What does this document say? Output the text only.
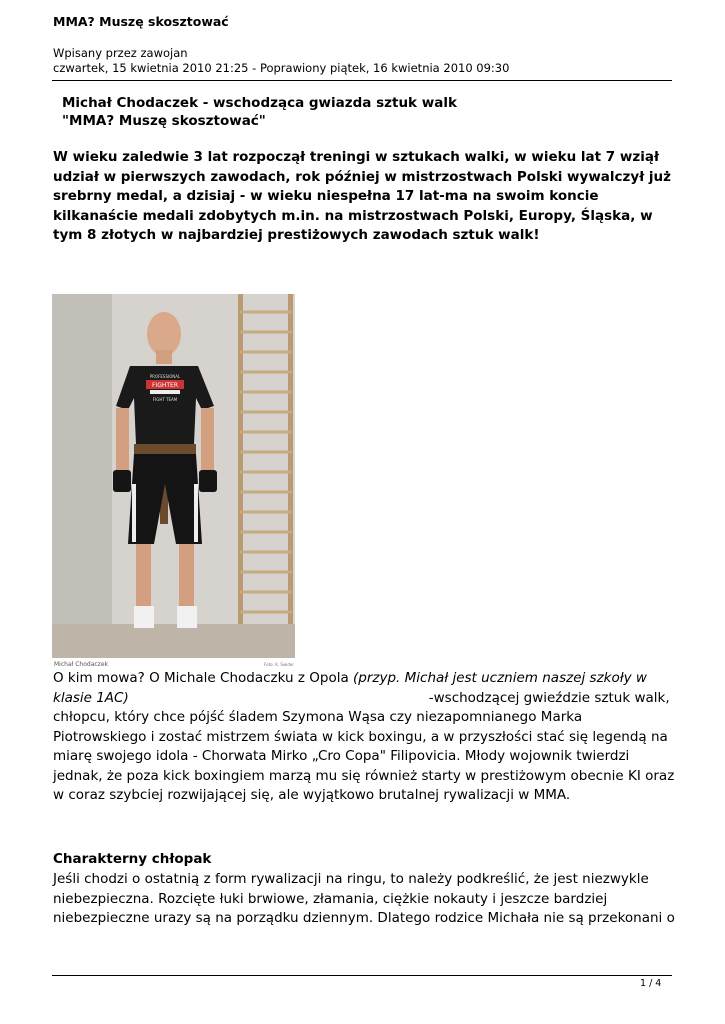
MMA? Muszę skosztować
Wpisany przez zawojan
czwartek, 15 kwietnia 2010 21:25 - Poprawiony piątek, 16 kwietnia 2010 09:30
Michał Chodaczek - wschodząca gwiazda sztuk walk
"MMA? Muszę skosztować"
W wieku zaledwie 3 lat rozpoczął treningi w sztukach walki, w wieku lat 7 wziął udział w pierwszych zawodach, rok później w mistrzostwach Polski wywalczył już srebrny medal, a dzisiaj - w wieku niespełna 17 lat-ma na swoim koncie kilkanaście medali zdobytych m.in. na mistrzostwach Polski, Europy, Śląska, w tym 8 złotych w najbardziej prestiżowych zawodach sztuk walk!
Michał Chodaczek	Foto: K. Świder
PROFESSIONAL
FIGHTER
FIGHT TEAM
O kim mowa? O Michale Chodaczku z Opola (przyp. Michał jest uczniem naszej szkoły w klasie 1AC)	-wschodzącej gwieździe sztuk walk, chłopcu, który chce pójść śladem Szymona Wąsa czy niezapomnianego Marka Piotrowskiego i zostać mistrzem świata w kick boxingu, a w przyszłości stać się legendą na miarę swojego idola - Chorwata Mirko „Cro Copa" Filipovicia. Młody wojownik twierdzi jednak, że poza kick boxingiem marzą mu się również starty w prestiżowym obecnie KI oraz w coraz szybciej rozwijającej się, ale wyjątkowo brutalnej rywalizacji w MMA.
Charakterny chłopak
Jeśli chodzi o ostatnią z form rywalizacji na ringu, to należy podkreślić, że jest niezwykle niebezpieczna. Rozcięte łuki brwiowe, złamania, ciężkie nokauty i jeszcze bardziej niebezpieczne urazy są na porządku dziennym. Dlatego rodzice Michała nie są przekonani o
1 / 4
